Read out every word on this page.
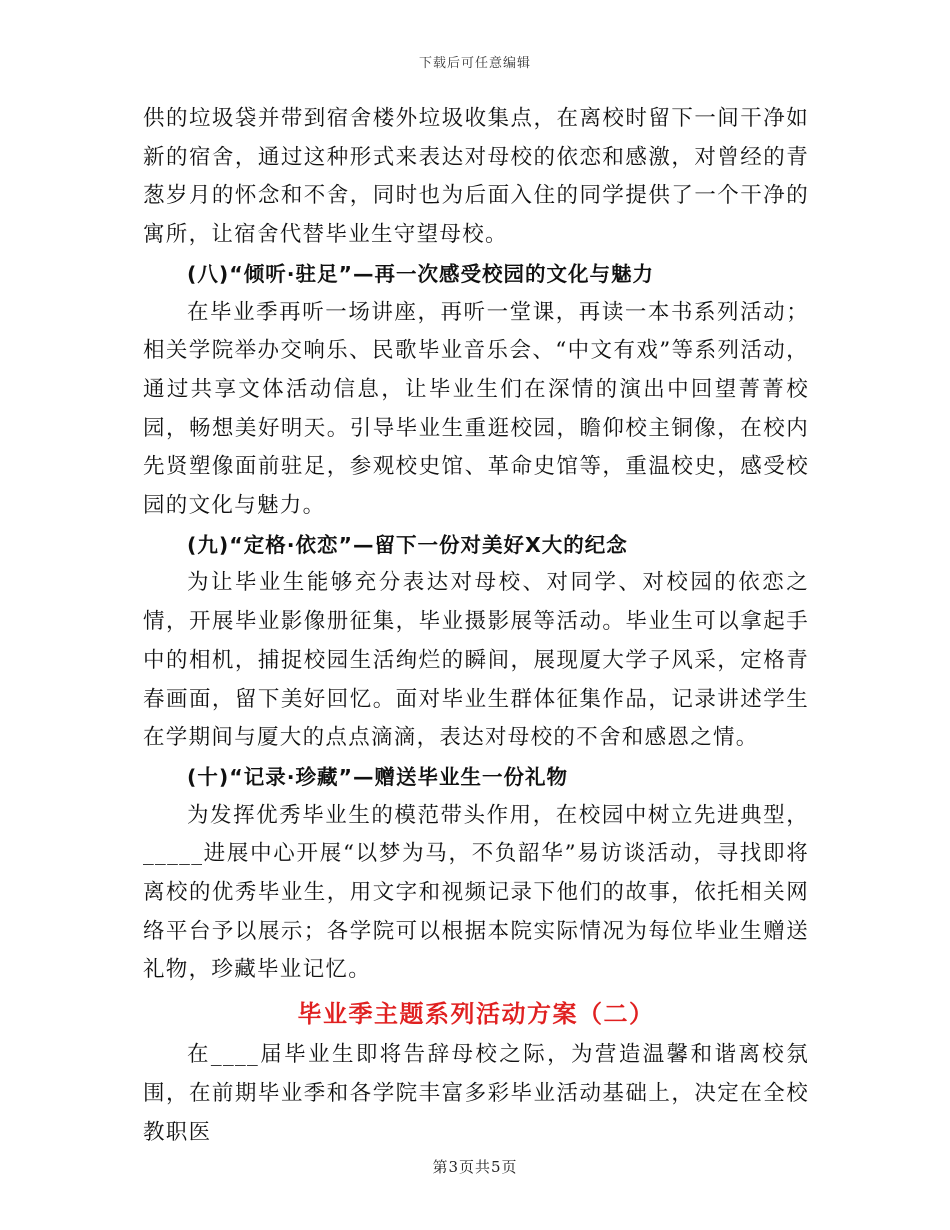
下载后可任意编辑

供的垃圾袋并带到宿舍楼外垃圾收集点，在离校时留下一间干净如新的宿舍，通过这种形式来表达对母校的依恋和感激，对曾经的青葱岁月的怀念和不舍，同时也为后面入住的同学提供了一个干净的寓所，让宿舍代替毕业生守望母校。

(八)“倾听·驻足”—再一次感受校园的文化与魅力

在毕业季再听一场讲座，再听一堂课，再读一本书系列活动；相关学院举办交响乐、民歌毕业音乐会、“中文有戏”等系列活动，通过共享文体活动信息，让毕业生们在深情的演出中回望菁菁校园，畅想美好明天。引导毕业生重逛校园，瞻仰校主铜像，在校内先贤塑像面前驻足，参观校史馆、革命史馆等，重温校史，感受校园的文化与魅力。

(九)“定格·依恋”—留下一份对美好X大的纪念

为让毕业生能够充分表达对母校、对同学、对校园的依恋之情，开展毕业影像册征集，毕业摄影展等活动。毕业生可以拿起手中的相机，捕捉校园生活绚烂的瞬间，展现厦大学子风采，定格青春画面，留下美好回忆。面对毕业生群体征集作品，记录讲述学生在学期间与厦大的点点滴滴，表达对母校的不舍和感恩之情。

(十)“记录·珍藏”—赠送毕业生一份礼物

为发挥优秀毕业生的模范带头作用，在校园中树立先进典型，_____进展中心开展“以梦为马，不负韶华”易访谈活动，寻找即将离校的优秀毕业生，用文字和视频记录下他们的故事，依托相关网络平台予以展示；各学院可以根据本院实际情况为每位毕业生赠送礼物，珍藏毕业记忆。

毕业季主题系列活动方案（二）

在____届毕业生即将告辞母校之际，为营造温馨和谐离校氛围，在前期毕业季和各学院丰富多彩毕业活动基础上，决定在全校教职医

第3页共5页
